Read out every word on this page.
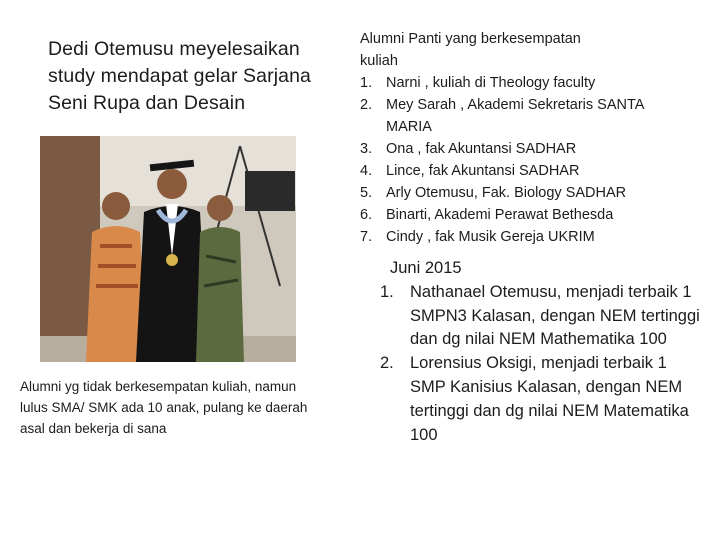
Dedi Otemusu meyelesaikan
study mendapat gelar Sarjana
Seni Rupa dan Desain
Alumni Panti yang berkesempatan
kuliah
1. Narni , kuliah di Theology faculty
2. Mey Sarah , Akademi Sekretaris SANTA MARIA
3. Ona , fak Akuntansi SADHAR
4. Lince, fak Akuntansi SADHAR
5. Arly Otemusu, Fak. Biology SADHAR
6. Binarti, Akademi Perawat Bethesda
7. Cindy , fak Musik Gereja UKRIM
Juni 2015
1. Nathanael Otemusu, menjadi terbaik 1 SMPN3 Kalasan, dengan NEM tertinggi dan dg nilai NEM Mathematika 100
2. Lorensius Oksigi, menjadi terbaik 1 SMP Kanisius Kalasan, dengan NEM tertinggi dan dg nilai NEM Matematika 100
Alumni yg tidak berkesempatan kuliah, namun
lulus SMA/ SMK ada 10 anak, pulang ke daerah
asal dan bekerja di sana
